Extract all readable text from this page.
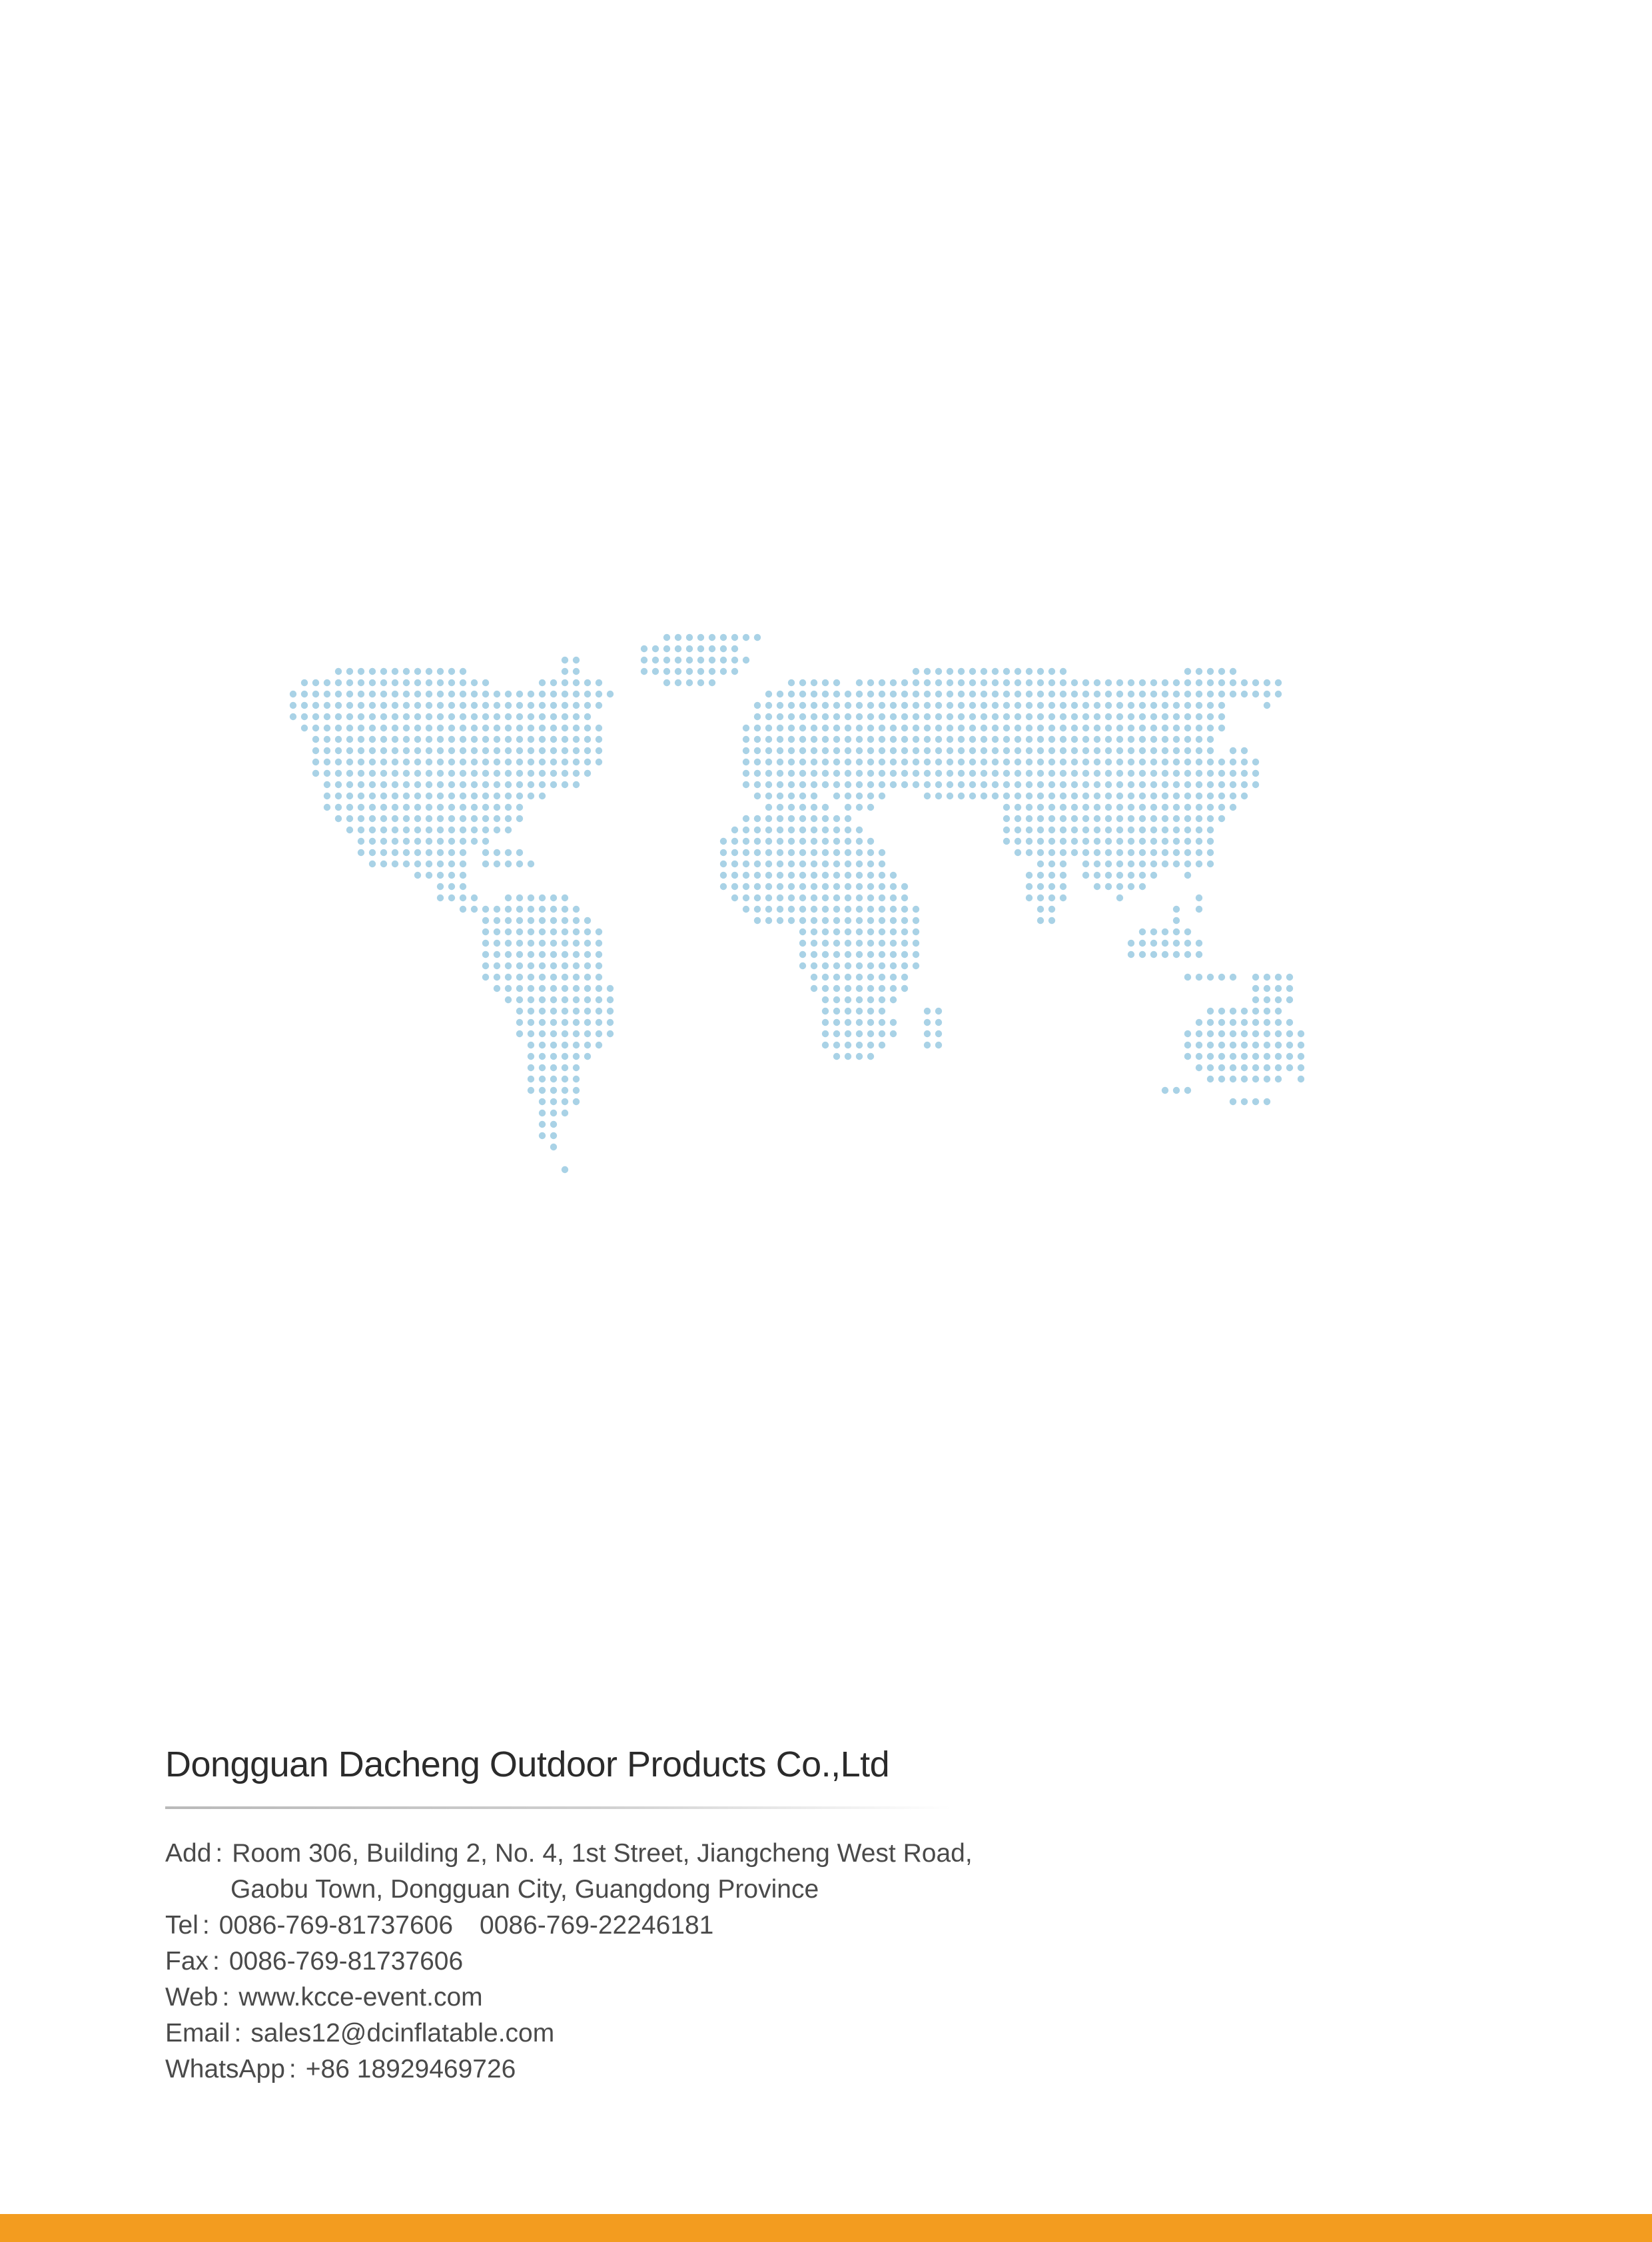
Dongguan Dacheng Outdoor Products Co.,Ltd
Add : Room 306, Building 2, No. 4, 1st Street, Jiangcheng West Road,
Gaobu Town, Dongguan City, Guangdong Province
Tel : 0086-769-81737606 0086-769-22246181
Fax : 0086-769-81737606
Web : www.kcce-event.com
Email : sales12@dcinflatable.com
WhatsApp : +86 18929469726
